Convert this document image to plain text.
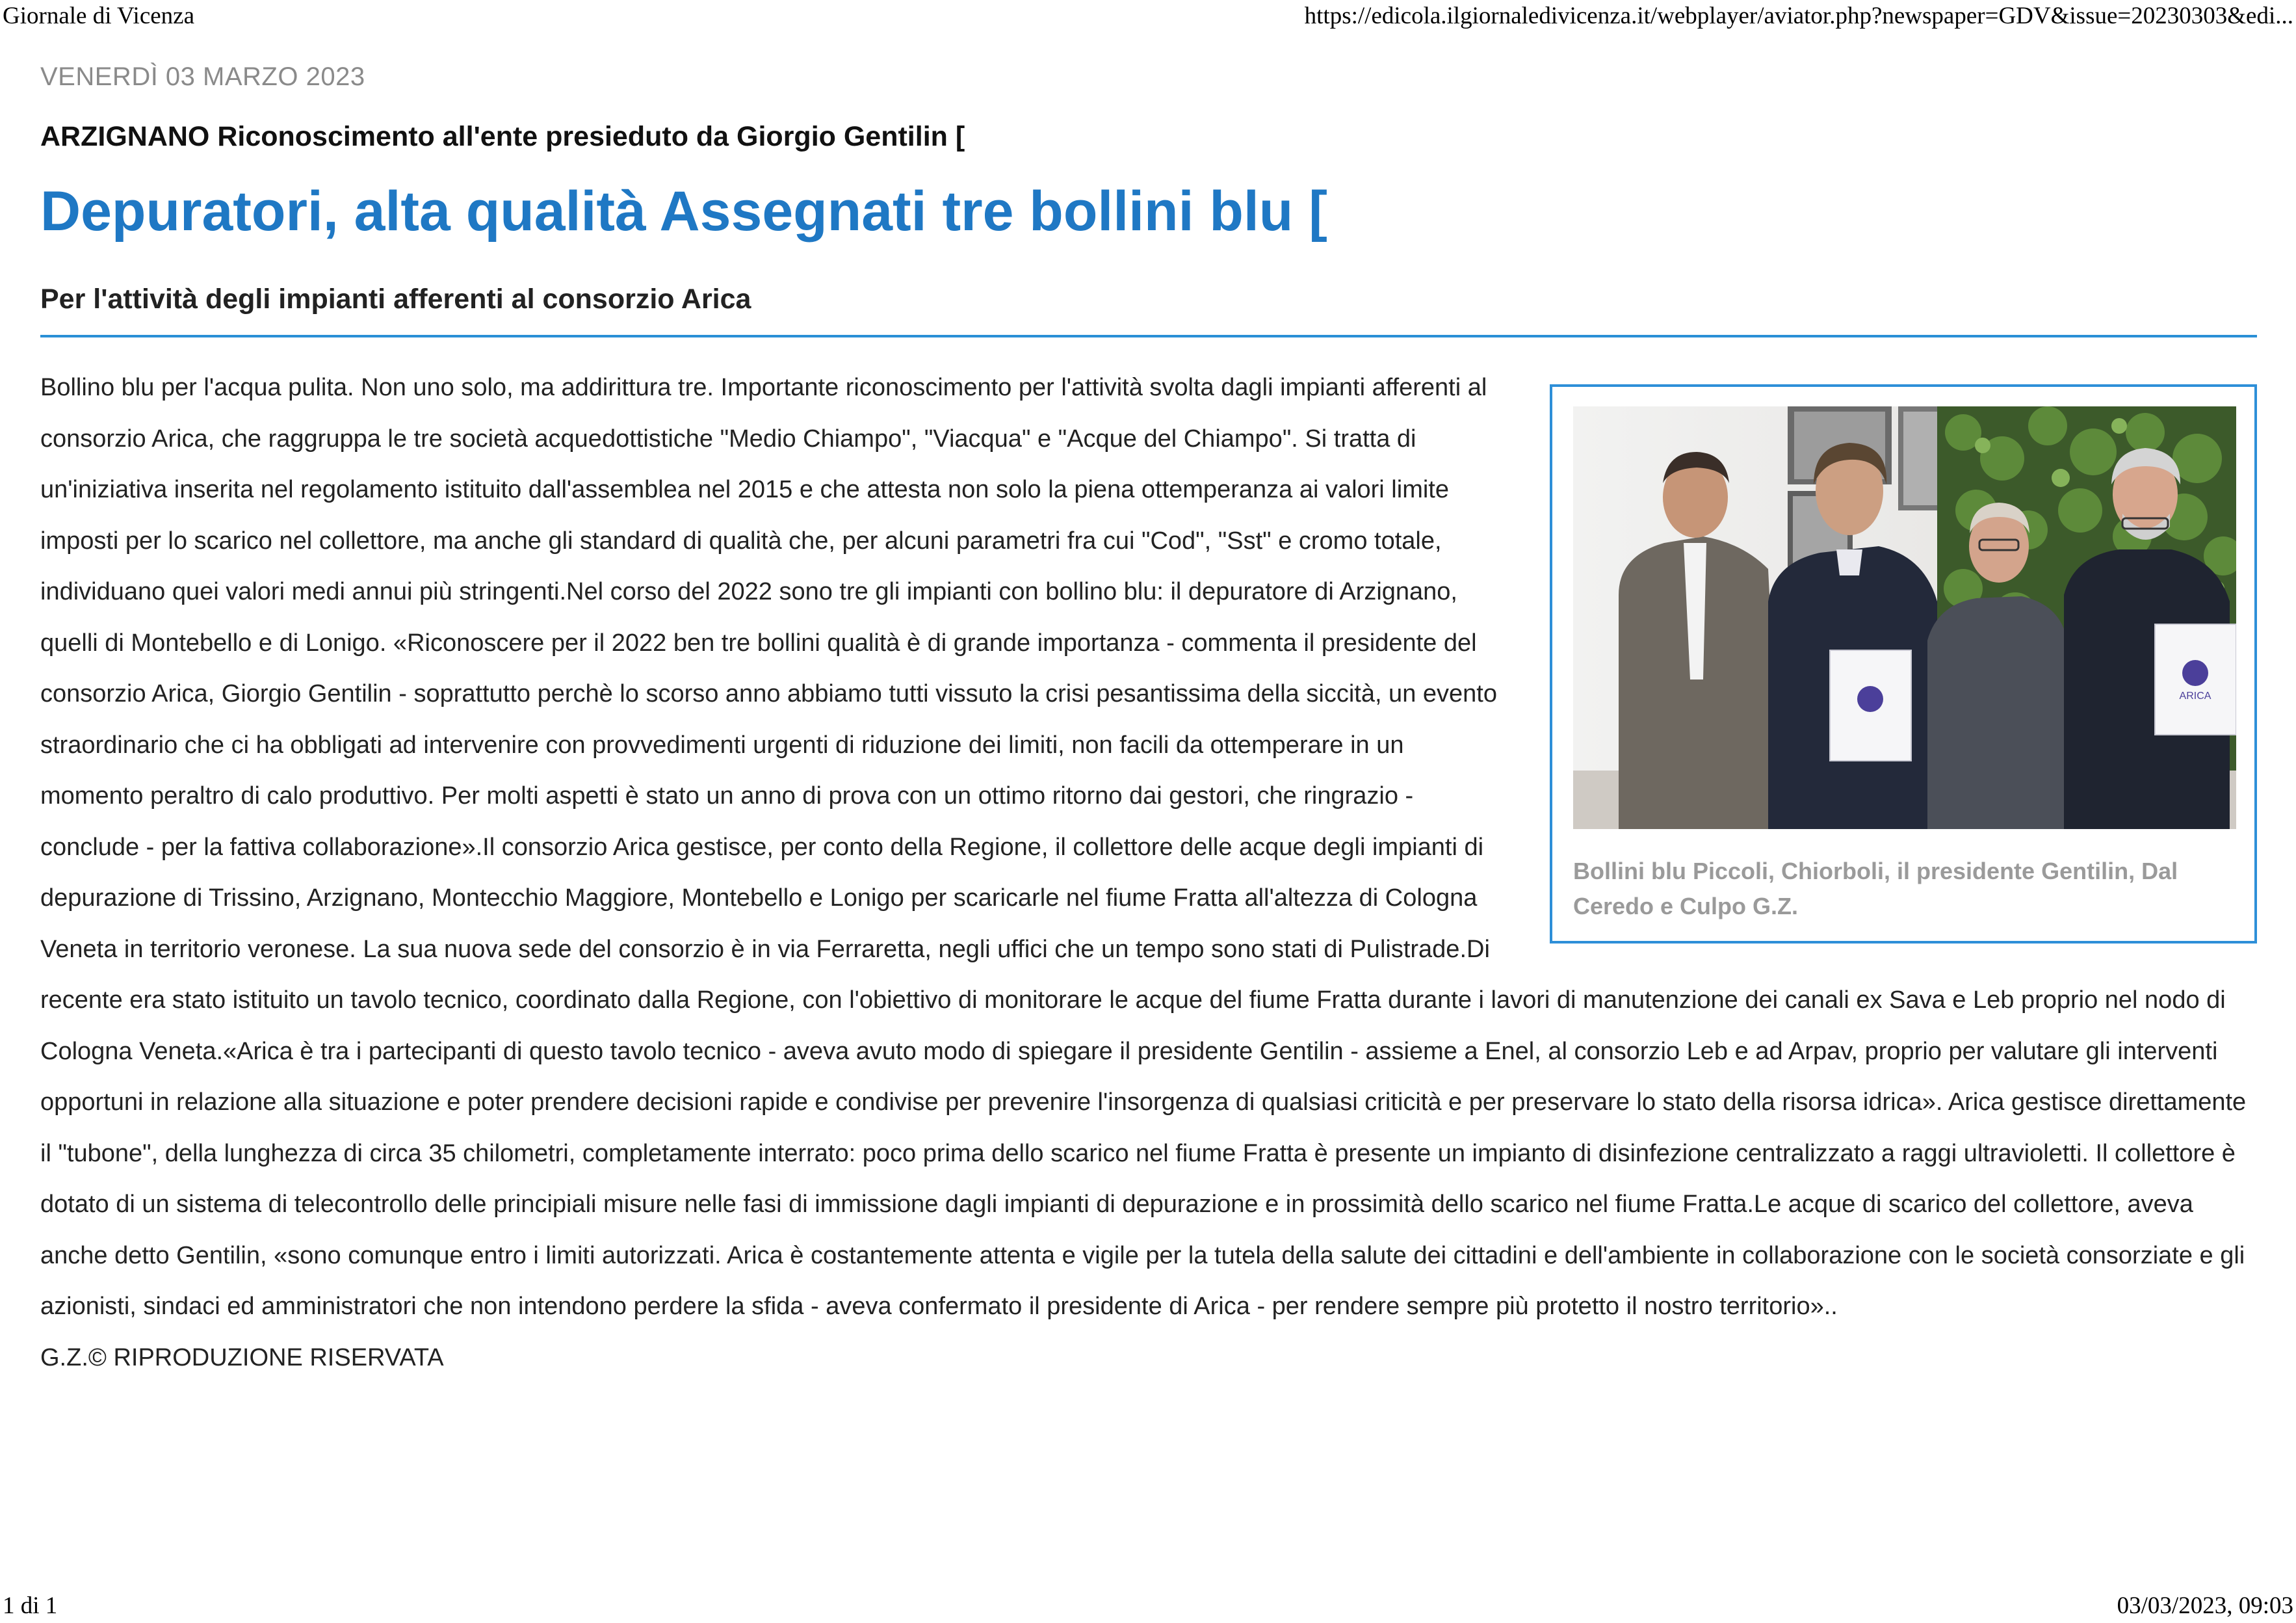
Giornale di Vicenza	https://edicola.ilgiornaledivicenza.it/webplayer/aviator.php?newspaper=GDV&issue=20230303&edi...
VENERDÌ 03 MARZO 2023
ARZIGNANO Riconoscimento all'ente presieduto da Giorgio Gentilin [
Depuratori, alta qualità Assegnati tre bollini blu [
Per l'attività degli impianti afferenti al consorzio Arica
ARICA
Bollini blu Piccoli, Chiorboli, il presidente Gentilin, Dal Ceredo e Culpo G.Z.

Bollino blu per l'acqua pulita. Non uno solo, ma addirittura tre. Importante riconoscimento per l'attività svolta dagli impianti afferenti al consorzio Arica, che raggruppa le tre società acquedottistiche "Medio Chiampo", "Viacqua" e "Acque del Chiampo". Si tratta di un'iniziativa inserita nel regolamento istituito dall'assemblea nel 2015 e che attesta non solo la piena ottemperanza ai valori limite imposti per lo scarico nel collettore, ma anche gli standard di qualità che, per alcuni parametri fra cui "Cod", "Sst" e cromo totale, individuano quei valori medi annui più stringenti.Nel corso del 2022 sono tre gli impianti con bollino blu: il depuratore di Arzignano, quelli di Montebello e di Lonigo. «Riconoscere per il 2022 ben tre bollini qualità è di grande importanza - commenta il presidente del consorzio Arica, Giorgio Gentilin - soprattutto perchè lo scorso anno abbiamo tutti vissuto la crisi pesantissima della siccità, un evento straordinario che ci ha obbligati ad intervenire con provvedimenti urgenti di riduzione dei limiti, non facili da ottemperare in un momento peraltro di calo produttivo. Per molti aspetti è stato un anno di prova con un ottimo ritorno dai gestori, che ringrazio - conclude - per la fattiva collaborazione».Il consorzio Arica gestisce, per conto della Regione, il collettore delle acque degli impianti di depurazione di Trissino, Arzignano, Montecchio Maggiore, Montebello e Lonigo per scaricarle nel fiume Fratta all'altezza di Cologna Veneta in territorio veronese. La sua nuova sede del consorzio è in via Ferraretta, negli uffici che un tempo sono stati di Pulistrade.Di recente era stato istituito un tavolo tecnico, coordinato dalla Regione, con l'obiettivo di monitorare le acque del fiume Fratta durante i lavori di manutenzione dei canali ex Sava e Leb proprio nel nodo di Cologna Veneta.«Arica è tra i partecipanti di questo tavolo tecnico - aveva avuto modo di spiegare il presidente Gentilin - assieme a Enel, al consorzio Leb e ad Arpav, proprio per valutare gli interventi opportuni in relazione alla situazione e poter prendere decisioni rapide e condivise per prevenire l'insorgenza di qualsiasi criticità e per preservare lo stato della risorsa idrica». Arica gestisce direttamente il "tubone", della lunghezza di circa 35 chilometri, completamente interrato: poco prima dello scarico nel fiume Fratta è presente un impianto di disinfezione centralizzato a raggi ultravioletti. Il collettore è dotato di un sistema di telecontrollo delle principiali misure nelle fasi di immissione dagli impianti di depurazione e in prossimità dello scarico nel fiume Fratta.Le acque di scarico del collettore, aveva anche detto Gentilin, «sono comunque entro i limiti autorizzati. Arica è costantemente attenta e vigile per la tutela della salute dei cittadini e dell'ambiente in collaborazione con le società consorziate e gli azionisti, sindaci ed amministratori che non intendono perdere la sfida - aveva confermato il presidente di Arica - per rendere sempre più protetto il nostro territorio»..

G.Z.© RIPRODUZIONE RISERVATA
1 di 1	03/03/2023, 09:03
